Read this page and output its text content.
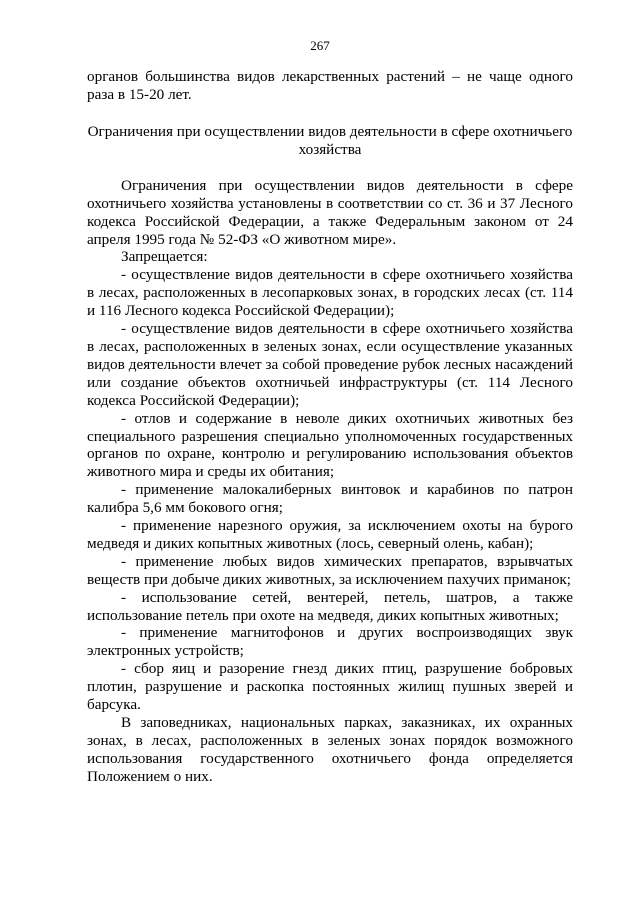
267

органов большинства видов лекарственных растений – не чаще одного раза в 15-20 лет.

Ограничения при осуществлении видов деятельности в сфере охотничьего
хозяйства

Ограничения при осуществлении видов деятельности в сфере охотничьего хозяйства установлены в соответствии со ст. 36 и 37 Лесного кодекса Российской Федерации, а также Федеральным законом от 24 апреля 1995 года № 52-ФЗ «О животном мире».

Запрещается:

- осуществление видов деятельности в сфере охотничьего хозяйства в лесах, расположенных в лесопарковых зонах, в городских лесах (ст. 114 и 116 Лесного кодекса Российской Федерации);

- осуществление видов деятельности в сфере охотничьего хозяйства в лесах, расположенных в зеленых зонах, если осуществление указанных видов деятельности влечет за собой проведение рубок лесных насаждений или создание объектов охотничьей инфраструктуры (ст. 114 Лесного кодекса Российской Федерации);

- отлов и содержание в неволе диких охотничьих животных без специального разрешения специально уполномоченных государственных органов по охране, контролю и регулированию использования объектов животного мира и среды их обитания;

- применение малокалиберных винтовок и карабинов по патрон калибра 5,6 мм бокового огня;

- применение нарезного оружия, за исключением охоты на бурого медведя и диких копытных животных (лось, северный олень, кабан);

- применение любых видов химических препаратов, взрывчатых веществ при добыче диких животных, за исключением пахучих приманок;

- использование сетей, вентерей, петель, шатров, а также использование петель при охоте на медведя, диких копытных животных;

- применение магнитофонов и других воспроизводящих звук электронных устройств;

- сбор яиц и разорение гнезд диких птиц, разрушение бобровых плотин, разрушение и раскопка постоянных жилищ пушных зверей и барсука.

В заповедниках, национальных парках, заказниках, их охранных зонах, в лесах, расположенных в зеленых зонах порядок возможного использования государственного охотничьего фонда определяется Положением о них.
